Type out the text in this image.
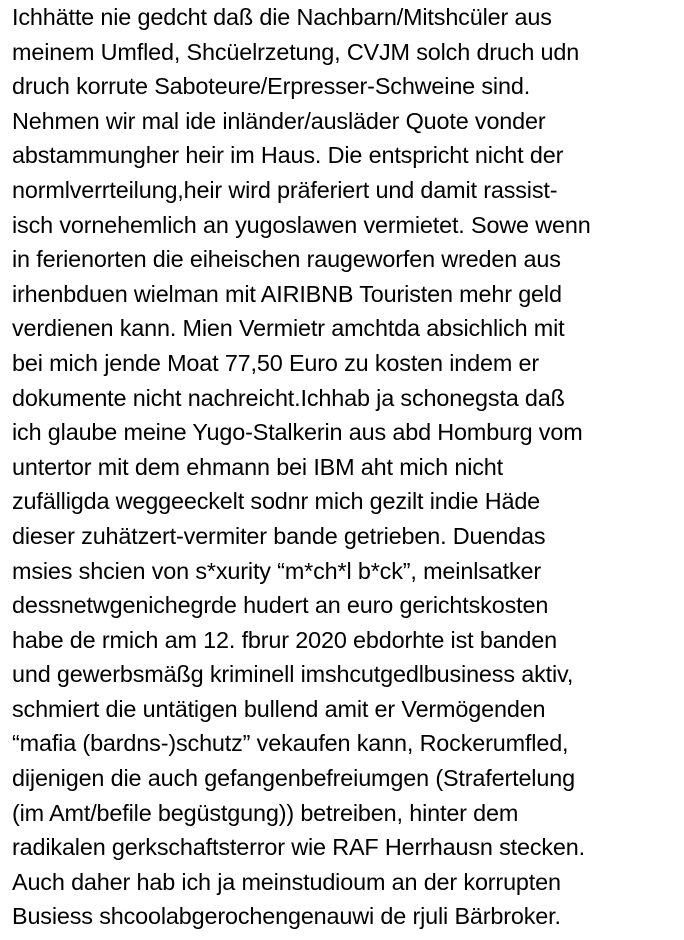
Ichhätte nie gedcht daß die Nachbarn/Mitshcüler aus
meinem Umfled, Shcüelrzetung, CVJM solch druch udn
druch korrute Saboteure/Erpresser-Schweine sind.
Nehmen wir mal ide inländer/ausläder Quote vonder
abstammungher heir im Haus. Die entspricht nicht der
normlverrteilung,heir wird präferiert und damit rassist-
isch vornehemlich an yugoslawen vermietet. Sowe wenn
in ferienorten die eiheischen raugeworfen wreden aus
irhenbduen wielman mit AIRIBNB Touristen mehr geld
verdienen kann. Mien Vermietr amchtda absichlich mit
bei mich jende Moat 77,50 Euro zu kosten indem er
dokumente nicht nachreicht.Ichhab ja schonegsta daß
ich glaube meine Yugo-Stalkerin aus abd Homburg vom
untertor mit dem ehmann bei IBM aht mich nicht
zufälligda weggeeckelt sodnr mich gezilt indie Häde
dieser zuhätzert-vermiter bande getrieben. Duendas
msies shcien von s*xurity “m*ch*l b*ck”, meinlsatker
dessnetwgenichegrde hudert an euro gerichtskosten
habe de rmich am 12. fbrur 2020 ebdorhte ist banden
und gewerbsmäßg kriminell imshcutgedlbusiness aktiv,
schmiert die untätigen bullend amit er Vermögenden
“mafia (bardns-)schutz” vekaufen kann, Rockerumfled,
dijenigen die auch gefangenbefreiumgen (Strafertelung
(im Amt/befile begüstgung)) betreiben, hinter dem
radikalen gerkschaftsterror wie RAF Herrhausn stecken.
Auch daher hab ich ja meinstudioum an der korrupten
Busiess shcoolabgerochengenauwi de rjuli Bärbroker.
